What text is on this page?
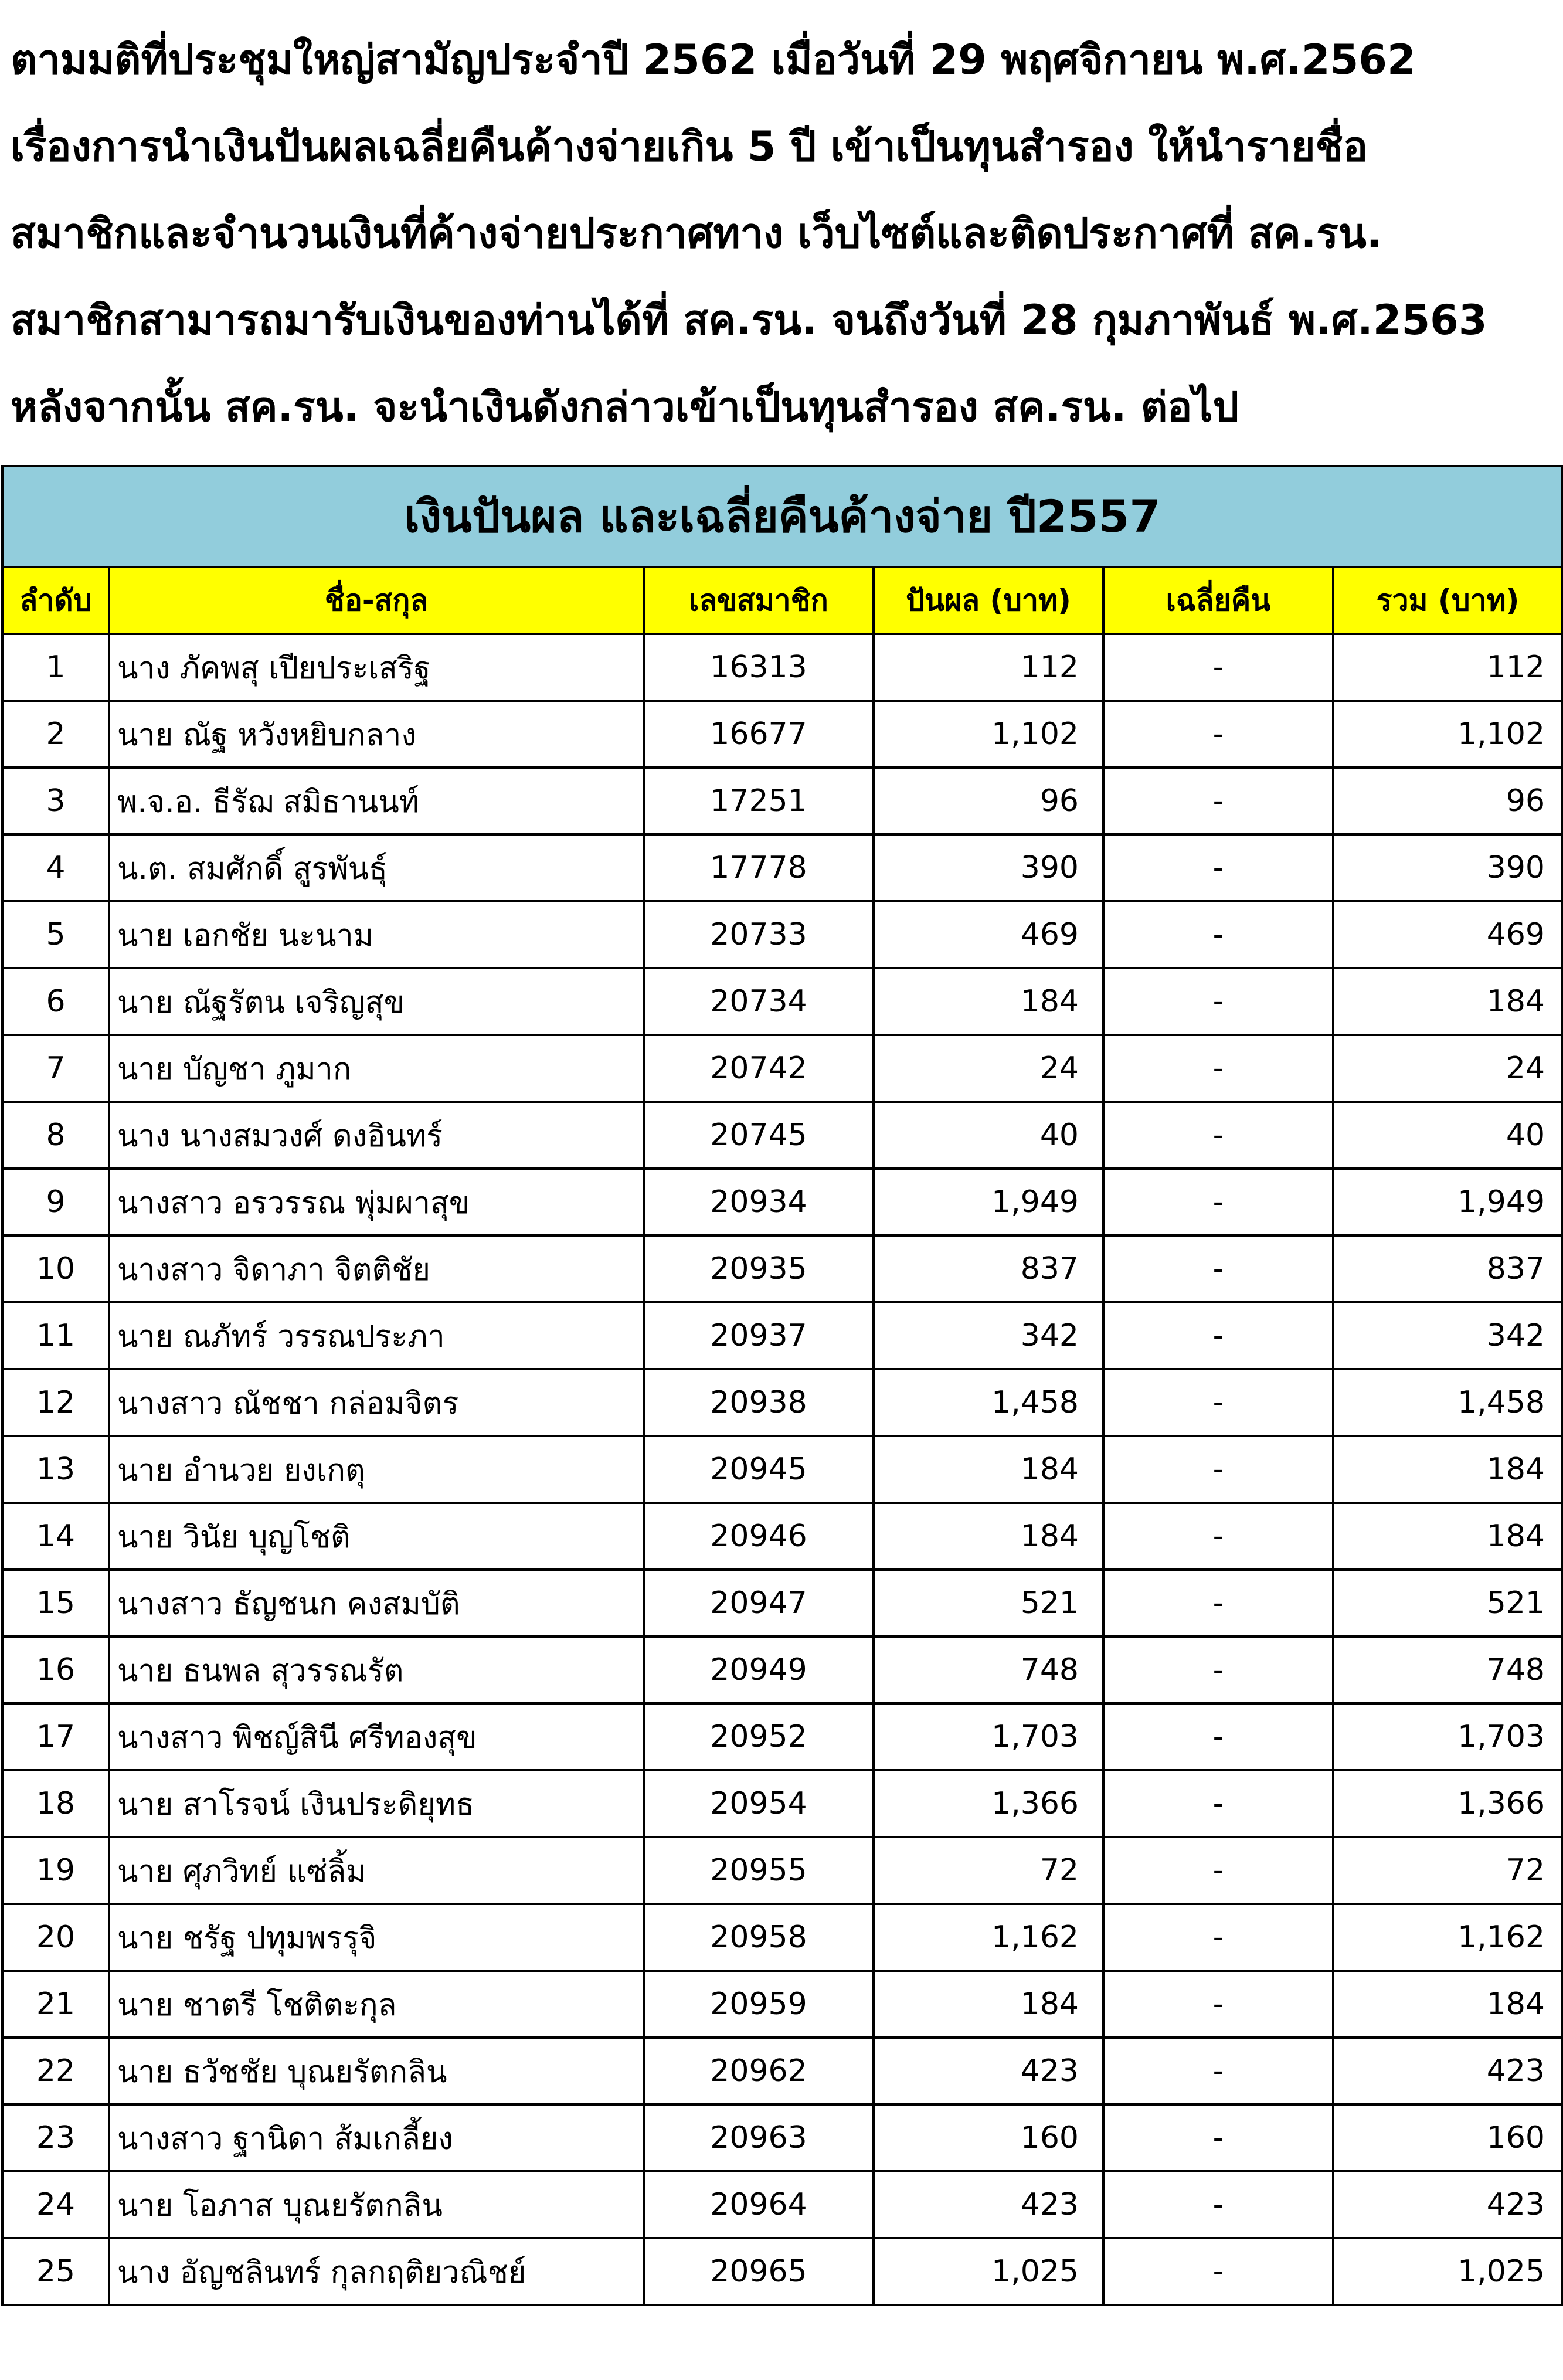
ตามมติที่ประชุมใหญ่สามัญประจำปี 2562 เมื่อวันที่ 29 พฤศจิกายน พ.ศ.2562
เรื่องการนำเงินปันผลเฉลี่ยคืนค้างจ่ายเกิน 5 ปี เข้าเป็นทุนสำรอง ให้นำรายชื่อ
สมาชิกและจำนวนเงินที่ค้างจ่ายประกาศทาง เว็บไซต์และติดประกาศที่ สค.รน.
สมาชิกสามารถมารับเงินของท่านได้ที่ สค.รน. จนถึงวันที่ 28 กุมภาพันธ์ พ.ศ.2563
หลังจากนั้น สค.รน. จะนำเงินดังกล่าวเข้าเป็นทุนสำรอง สค.รน. ต่อไป
เงินปันผล และเฉลี่ยคืนค้างจ่าย ปี2557					
ลำดับ	ชื่อ-สกุล	เลขสมาชิก	ปันผล (บาท)	เฉลี่ยคืน	รวม (บาท)
1	นาง ภัคพสุ เปียประเสริฐ	16313	112	-	112
2	นาย ณัฐ หวังหยิบกลาง	16677	1,102	-	1,102
3	พ.จ.อ. ธีรัฌ สมิธานนท์	17251	96	-	96
4	น.ต. สมศักดิ์ สูรพันธุ์	17778	390	-	390
5	นาย เอกชัย นะนาม	20733	469	-	469
6	นาย ณัฐรัตน เจริญสุข	20734	184	-	184
7	นาย บัญชา ภูมาก	20742	24	-	24
8	นาง นางสมวงศ์ ดงอินทร์	20745	40	-	40
9	นางสาว อรวรรณ พุ่มผาสุข	20934	1,949	-	1,949
10	นางสาว จิดาภา จิตติชัย	20935	837	-	837
11	นาย ณภัทร์ วรรณประภา	20937	342	-	342
12	นางสาว ณัชชา กล่อมจิตร	20938	1,458	-	1,458
13	นาย อำนวย ยงเกตุ	20945	184	-	184
14	นาย วินัย บุญโชติ	20946	184	-	184
15	นางสาว ธัญชนก คงสมบัติ	20947	521	-	521
16	นาย ธนพล สุวรรณรัต	20949	748	-	748
17	นางสาว พิชญ์สินี ศรีทองสุข	20952	1,703	-	1,703
18	นาย สาโรจน์ เงินประดิยุทธ	20954	1,366	-	1,366
19	นาย ศุภวิทย์ แซ่ลิ้ม	20955	72	-	72
20	นาย ชรัฐ ปทุมพรรุจิ	20958	1,162	-	1,162
21	นาย ชาตรี โชติตะกุล	20959	184	-	184
22	นาย ธวัชชัย บุณยรัตกลิน	20962	423	-	423
23	นางสาว ฐานิดา ส้มเกลี้ยง	20963	160	-	160
24	นาย โอภาส บุณยรัตกลิน	20964	423	-	423
25	นาง อัญชลินทร์ กุลกฤติยวณิชย์	20965	1,025	-	1,025
